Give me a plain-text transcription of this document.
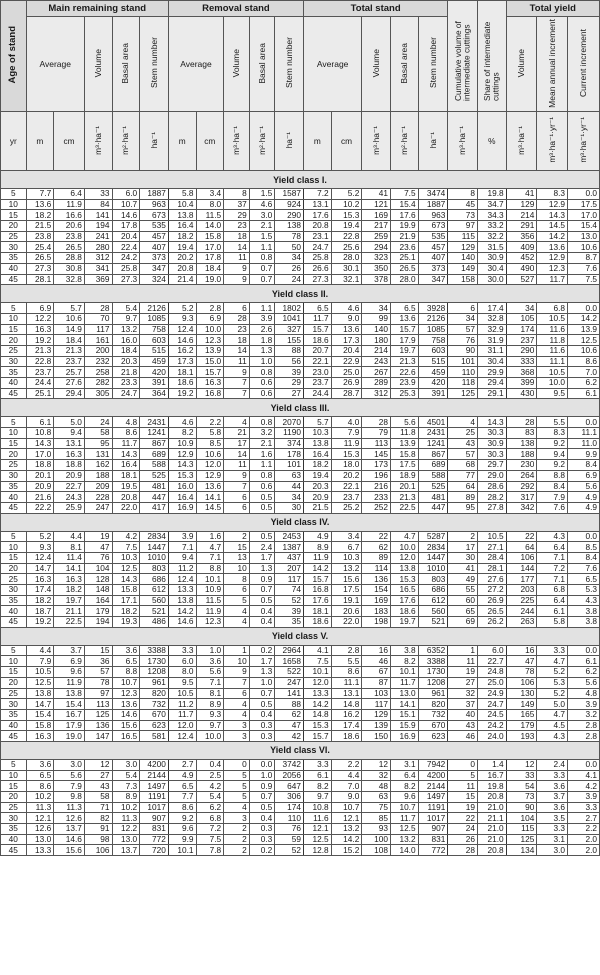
Age of stand	Main remaining stand					Removal stand					Total stand					Cumulative volume of intermediate cuttings	Share of intermediate cuttings	Total yield		
	Average		Volume	Basal area	Stem number	Average		Volume	Basal area	Stem number	Average		Volume	Basal area	Stem number			Volume	Mean annual increment	Current increment
yr	m	cm	m³·ha⁻¹	m²·ha⁻¹	ha⁻¹	m	cm	m³·ha⁻¹	m²·ha⁻¹	ha⁻¹	m	cm	m³·ha⁻¹	m²·ha⁻¹	ha⁻¹	m³·ha⁻¹	%	m³·ha⁻¹	m³·ha⁻¹·yr⁻¹	m³·ha⁻¹·yr⁻¹
Yield class I.																				
5	7.7	6.4	33	6.0	1887	5.8	3.4	8	1.5	1587	7.2	5.2	41	7.5	3474	8	19.8	41	8.3	0.0
10	13.6	11.9	84	10.7	963	10.4	8.0	37	4.6	924	13.1	10.2	121	15.4	1887	45	34.7	129	12.9	17.5
15	18.2	16.6	141	14.6	673	13.8	11.5	29	3.0	290	17.6	15.3	169	17.6	963	73	34.3	214	14.3	17.0
20	21.5	20.6	194	17.8	535	16.4	14.0	23	2.1	138	20.8	19.4	217	19.9	673	97	33.2	291	14.5	15.4
25	23.8	23.8	241	20.4	457	18.2	15.8	18	1.5	78	23.1	22.8	259	21.9	535	115	32.2	356	14.2	13.0
30	25.4	26.5	280	22.4	407	19.4	17.0	14	1.1	50	24.7	25.6	294	23.6	457	129	31.5	409	13.6	10.6
35	26.5	28.8	312	24.2	373	20.2	17.8	11	0.8	34	25.8	28.0	323	25.1	407	140	30.9	452	12.9	8.7
40	27.3	30.8	341	25.8	347	20.8	18.4	9	0.7	26	26.6	30.1	350	26.5	373	149	30.4	490	12.3	7.6
45	28.1	32.8	369	27.3	324	21.4	19.0	9	0.7	24	27.3	32.1	378	28.0	347	158	30.0	527	11.7	7.5
Yield class II.																				
5	6.9	5.7	28	5.4	2126	5.2	2.8	6	1.1	1802	6.5	4.6	34	6.5	3928	6	17.4	34	6.8	0.0
10	12.2	10.6	70	9.7	1085	9.3	6.9	28	3.9	1041	11.7	9.0	99	13.6	2126	34	32.8	105	10.5	14.2
15	16.3	14.9	117	13.2	758	12.4	10.0	23	2.6	327	15.7	13.6	140	15.7	1085	57	32.9	174	11.6	13.9
20	19.2	18.4	161	16.0	603	14.6	12.3	18	1.8	155	18.6	17.3	180	17.9	758	76	31.9	237	11.8	12.5
25	21.3	21.3	200	18.4	515	16.2	13.9	14	1.3	88	20.7	20.4	214	19.7	603	90	31.1	290	11.6	10.6
30	22.8	23.7	232	20.3	459	17.3	15.0	11	1.0	56	22.1	22.9	243	21.3	515	101	30.4	333	11.1	8.6
35	23.7	25.7	258	21.8	420	18.1	15.7	9	0.8	39	23.0	25.0	267	22.6	459	110	29.9	368	10.5	7.0
40	24.4	27.6	282	23.3	391	18.6	16.3	7	0.6	29	23.7	26.9	289	23.9	420	118	29.4	399	10.0	6.2
45	25.1	29.4	305	24.7	364	19.2	16.8	7	0.6	27	24.4	28.7	312	25.3	391	125	29.1	430	9.5	6.1
Yield class III.																				
5	6.1	5.0	24	4.8	2431	4.6	2.2	4	0.8	2070	5.7	4.0	28	5.6	4501	4	14.3	28	5.5	0.0
10	10.8	9.4	58	8.6	1241	8.2	5.8	21	3.2	1190	10.3	7.9	79	11.8	2431	25	30.3	83	8.3	11.1
15	14.3	13.1	95	11.7	867	10.9	8.5	17	2.1	374	13.8	11.9	113	13.9	1241	43	30.9	138	9.2	11.0
20	17.0	16.3	131	14.3	689	12.9	10.6	14	1.6	178	16.4	15.3	145	15.8	867	57	30.3	188	9.4	9.9
25	18.8	18.8	162	16.4	588	14.3	12.0	11	1.1	101	18.2	18.0	173	17.5	689	68	29.7	230	9.2	8.4
30	20.1	20.9	188	18.1	525	15.3	12.9	9	0.8	63	19.4	20.2	196	18.9	588	77	29.0	264	8.8	6.9
35	20.9	22.7	209	19.5	481	16.0	13.6	7	0.6	44	20.3	22.1	216	20.1	525	64	28.6	292	8.4	5.6
40	21.6	24.3	228	20.8	447	16.4	14.1	6	0.5	34	20.9	23.7	233	21.3	481	89	28.2	317	7.9	4.9
45	22.2	25.9	247	22.0	417	16.9	14.5	6	0.5	30	21.5	25.2	252	22.5	447	95	27.8	342	7.6	4.9
Yield class IV.																				
5	5.2	4.4	19	4.2	2834	3.9	1.6	2	0.5	2453	4.9	3.4	22	4.7	5287	2	10.5	22	4.3	0.0
10	9.3	8.1	47	7.5	1447	7.1	4.7	15	2.4	1387	8.9	6.7	62	10.0	2834	17	27.1	64	6.4	8.5
15	12.4	11.4	76	10.3	1010	9.4	7.1	13	1.7	437	11.9	10.3	89	12.0	1447	30	28.4	106	7.1	8.4
20	14.7	14.1	104	12.5	803	11.2	8.8	10	1.3	207	14.2	13.2	114	13.8	1010	41	28.1	144	7.2	7.6
25	16.3	16.3	128	14.3	686	12.4	10.1	8	0.9	117	15.7	15.6	136	15.3	803	49	27.6	177	7.1	6.5
30	17.4	18.2	148	15.8	612	13.3	10.9	6	0.7	74	16.8	17.5	154	16.5	686	55	27.2	203	6.8	5.3
35	18.2	19.7	164	17.1	560	13.8	11.5	5	0.5	52	17.6	19.1	169	17.6	612	60	26.9	225	6.4	4.3
40	18.7	21.1	179	18.2	521	14.2	11.9	4	0.4	39	18.1	20.6	183	18.6	560	65	26.5	244	6.1	3.8
45	19.2	22.5	194	19.3	486	14.6	12.3	4	0.4	35	18.6	22.0	198	19.7	521	69	26.2	263	5.8	3.8
Yield class V.																				
5	4.4	3.7	15	3.6	3388	3.3	1.0	1	0.2	2964	4.1	2.8	16	3.8	6352	1	6.0	16	3.3	0.0
10	7.9	6.9	36	6.5	1730	6.0	3.6	10	1.7	1658	7.5	5.5	46	8.2	3388	11	22.7	47	4.7	6.1
15	10.5	9.6	57	8.8	1208	8.0	5.6	9	1.3	522	10.1	8.6	67	10.1	1730	19	24.8	78	5.2	6.2
20	12.5	11.9	78	10.7	961	9.5	7.1	7	1.0	247	12.0	11.1	87	11.7	1208	27	25.0	106	5.3	5.6
25	13.8	13.8	97	12.3	820	10.5	8.1	6	0.7	141	13.3	13.1	103	13.0	961	32	24.9	130	5.2	4.8
30	14.7	15.4	113	13.6	732	11.2	8.9	4	0.5	88	14.2	14.8	117	14.1	820	37	24.7	149	5.0	3.9
35	15.4	16.7	125	14.6	670	11.7	9.3	4	0.4	62	14.8	16.2	129	15.1	732	40	24.5	165	4.7	3.2
40	15.8	17.9	136	15.6	623	12.0	9.7	3	0.3	47	15.3	17.4	139	15.9	670	43	24.2	179	4.5	2.8
45	16.3	19.0	147	16.5	581	12.4	10.0	3	0.3	42	15.7	18.6	150	16.9	623	46	24.0	193	4.3	2.8
Yield class VI.																				
5	3.6	3.0	12	3.0	4200	2.7	0.4	0	0.0	3742	3.3	2.2	12	3.1	7942	0	1.4	12	2.4	0.0
10	6.5	5.6	27	5.4	2144	4.9	2.5	5	1.0	2056	6.1	4.4	32	6.4	4200	5	16.7	33	3.3	4.1
15	8.6	7.9	43	7.3	1497	6.5	4.2	5	0.9	647	8.2	7.0	48	8.2	2144	11	19.8	54	3.6	4.2
20	10.2	9.8	58	8.9	1191	7.7	5.4	5	0.7	306	9.7	9.0	63	9.6	1497	15	20.8	73	3.7	3.9
25	11.3	11.3	71	10.2	1017	8.6	6.2	4	0.5	174	10.8	10.7	75	10.7	1191	19	21.0	90	3.6	3.3
30	12.1	12.6	82	11.3	907	9.2	6.8	3	0.4	110	11.6	12.1	85	11.7	1017	22	21.1	104	3.5	2.7
35	12.6	13.7	91	12.2	831	9.6	7.2	2	0.3	76	12.1	13.2	93	12.5	907	24	21.0	115	3.3	2.2
40	13.0	14.6	98	13.0	772	9.9	7.5	2	0.3	59	12.5	14.2	100	13.2	831	26	21.0	125	3.1	2.0
45	13.3	15.6	106	13.7	720	10.1	7.8	2	0.2	52	12.8	15.2	108	14.0	772	28	20.8	134	3.0	2.0
